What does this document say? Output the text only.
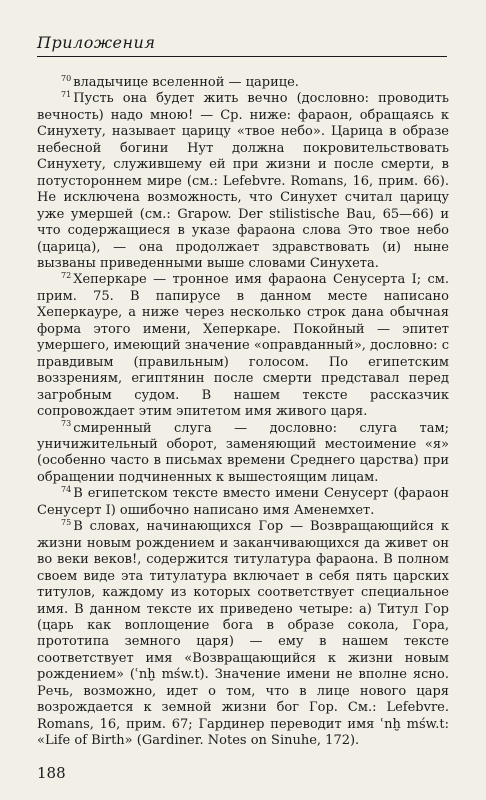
Приложения

$^{70}$ владычице вселенной — царице.

$^{71}$ Пусть она будет жить вечно (дословно: проводить вечность) надо мною! — Ср. ниже: фараон, обращаясь к Синухету, называет царицу «твое небо». Царица в образе небесной богини Нут должна покровительствовать Синухету, служившему ей при жизни и после смерти, в потустороннем мире (см.: Lefebvre. Romans, 16, прим. 66). Не исключена возможность, что Синухет считал царицу уже умершей (см.: Grapow. Der stilistische Bau, 65—66) и что содержащиеся в указе фараона слова Это твое небо (царица), — она продолжает здравствовать (и) ныне вызваны приведенными выше словами Синухета.

$^{72}$ Хеперкаре — тронное имя фараона Сенусерта I; см. прим. 75. В папирусе в данном месте написано Хеперкауре, а ниже через несколько строк дана обычная форма этого имени, Хеперкаре. Покойный — эпитет умершего, имеющий значение «оправданный», дословно: с правдивым (правильным) голосом. По египетским воззрениям, египтянин после смерти представал перед загробным судом. В нашем тексте рассказчик сопровождает этим эпитетом имя живого царя.

$^{73}$ смиренный слуга — дословно: слуга там; уничижительный оборот, заменяющий местоимение «я» (особенно часто в письмах времени Среднего царства) при обращении подчиненных к вышестоящим лицам.

$^{74}$ В египетском тексте вместо имени Сенусерт (фараон Сенусерт I) ошибочно написано имя Аменемхет.

$^{75}$ В словах, начинающихся Гор — Возвращающийся к жизни новым рождением и заканчивающихся да живет он во веки веков!, содержится титулатура фараона. В полном своем виде эта титулатура включает в себя пять царских титулов, каждому из которых соответствует специальное имя. В данном тексте их приведено четыре: а) Титул Гор (царь как воплощение бога в образе сокола, Гора, прототипа земного царя) — ему в нашем тексте соответствует имя «Возвращающийся к жизни новым рождением» (ʿnḫ mśw.t). Значение имени не вполне ясно. Речь, возможно, идет о том, что в лице нового царя возрождается к земной жизни бог Гор. См.: Lefebvre. Romans, 16, прим. 67; Гардинер переводит имя ʿnḫ mśw.t: «Life of Birth» (Gardiner. Notes on Sinuhe, 172).

188
